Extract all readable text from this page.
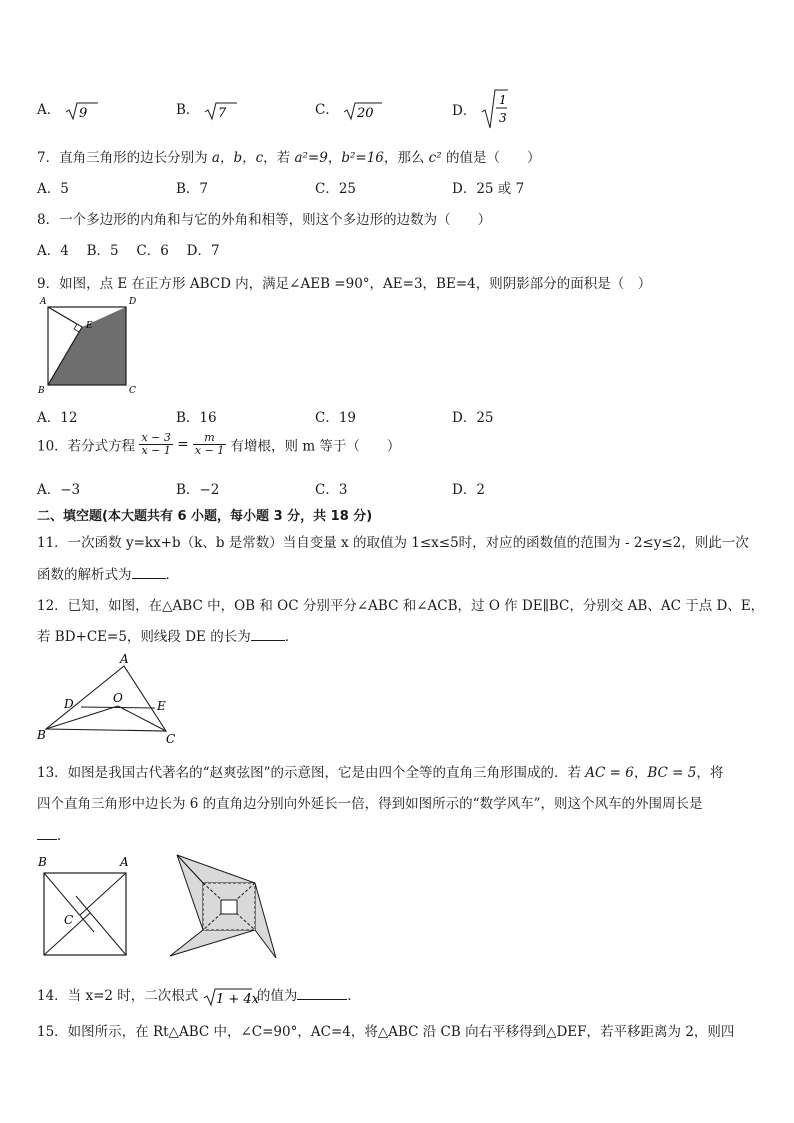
A． 9	B． 7	C． 20	D．
1
3
7．直角三角形的边长分别为 a，b，c，若 a²=9，b²=16，那么 c² 的值是（　　）
A．5	B．7	C．25	D．25 或 7
8．一个多边形的内角和与它的外角和相等，则这个多边形的边数为（　　）
A．4　 B．5　 C．6　 D．7
9．如图，点 E 在正方形 ABCD 内，满足∠AEB =90°，AE=3，BE=4，则阴影部分的面积是（　）
A	D
E
B	C
A．12	B．16	C．19	D．25
10．若分式方程 $\frac{x - 3}{x - 1} = \frac{m}{x - 1}$ 有增根，则 m 等于（　　）
A．−3	B．−2	C．3	D．2
二、填空题(本大题共有 6 小题，每小题 3 分，共 18 分)
11．一次函数 y=kx+b（k、b 是常数）当自变量 x 的取值为 1≤x≤5时，对应的函数值的范围为 - 2≤y≤2，则此一次
函数的解析式为	．
12．已知，如图，在△ABC 中，OB 和 OC 分别平分∠ABC 和∠ACB，过 O 作 DE∥BC，分别交 AB、AC 于点 D、E，
若 BD+CE=5，则线段 DE 的长为	．
A
O
D	E
B	C
13．如图是我国古代著名的“赵爽弦图”的示意图，它是由四个全等的直角三角形围成的．若 AC = 6，BC = 5，将
四个直角三角形中边长为 6 的直角边分别向外延长一倍，得到如图所示的“数学风车”，则这个风车的外围周长是
．
B	A
C
14．当 x=2 时，二次根式 1 + 4x
的值为	．
15．如图所示，在 Rt△ABC 中，∠C=90°，AC=4，将△ABC 沿 CB 向右平移得到△DEF，若平移距离为 2，则四
